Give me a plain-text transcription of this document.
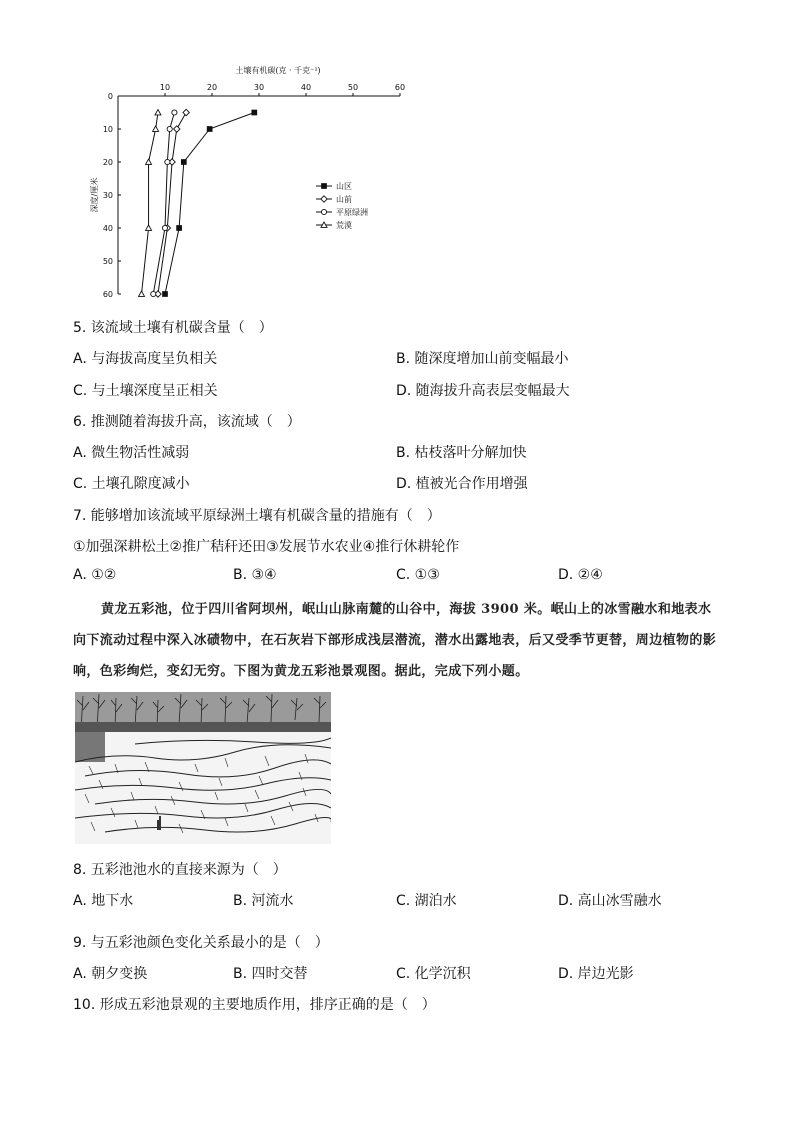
土壤有机碳(克 · 千克⁻¹)
10	20	30	40	50	60
0
10
20
30
40
50
60
深度/厘米	山区
山前
平原绿洲
荒漠
5. 该流域土壤有机碳含量（　）
A. 与海拔高度呈负相关	B. 随深度增加山前变幅最小
C. 与土壤深度呈正相关	D. 随海拔升高表层变幅最大
6. 推测随着海拔升高，该流域（　）
A. 微生物活性减弱	B. 枯枝落叶分解加快
C. 土壤孔隙度减小	D. 植被光合作用增强
7. 能够增加该流域平原绿洲土壤有机碳含量的措施有（　）
①加强深耕松土②推广秸秆还田③发展节水农业④推行休耕轮作
A. ①②	B. ③④	C. ①③	D. ②④
黄龙五彩池，位于四川省阿坝州，岷山山脉南麓的山谷中，海拔 3900 米。岷山上的冰雪融水和地表水向下流动过程中深入冰碛物中，在石灰岩下部形成浅层潜流，潜水出露地表，后又受季节更替，周边植物的影响，色彩绚烂，变幻无穷。下图为黄龙五彩池景观图。据此，完成下列小题。
8. 五彩池池水的直接来源为（　）
A. 地下水	B. 河流水	C. 湖泊水	D. 高山冰雪融水
9. 与五彩池颜色变化关系最小的是（　）
A. 朝夕变换	B. 四时交替	C. 化学沉积	D. 岸边光影
10. 形成五彩池景观的主要地质作用，排序正确的是（　）
